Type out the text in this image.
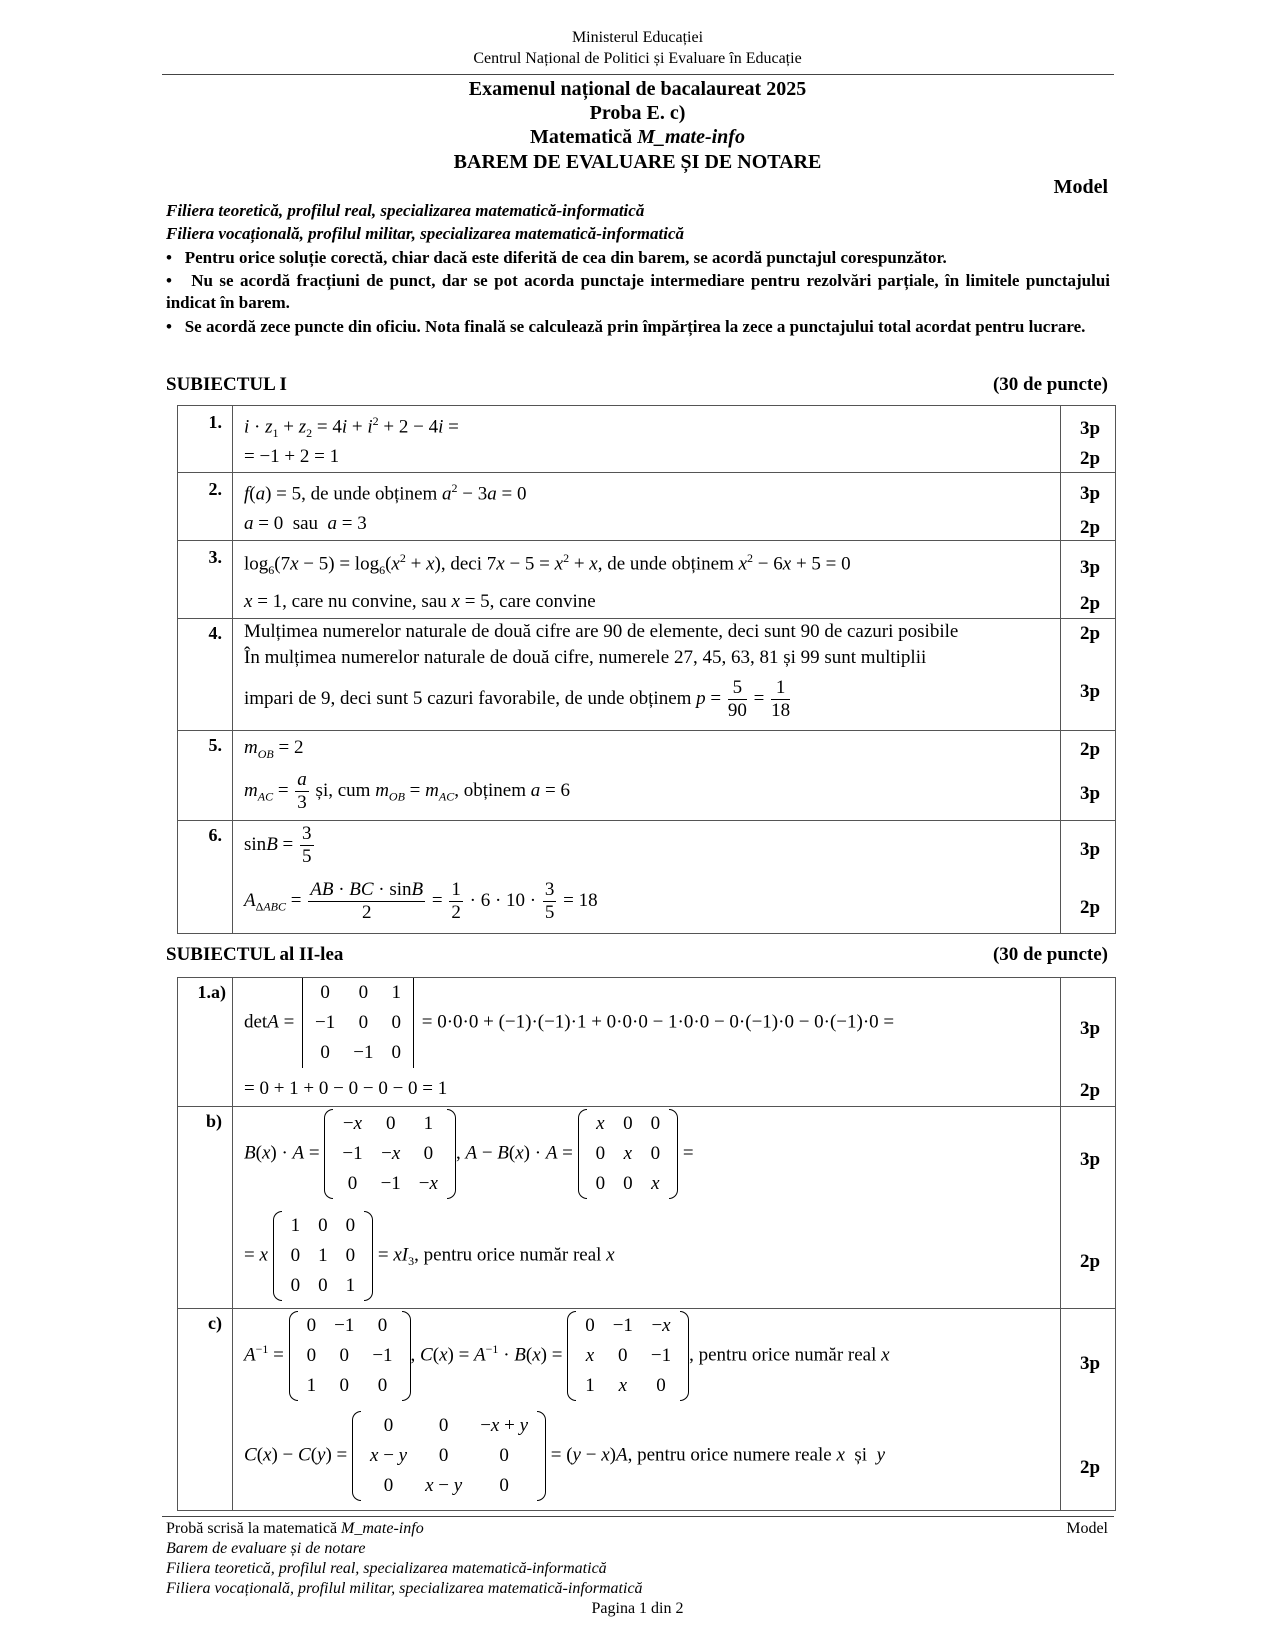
Ministerul Educației
Centrul Național de Politici și Evaluare în Educație
Examenul național de bacalaureat 2025
Proba E. c)
Matematică M_mate-info
BAREM DE EVALUARE ȘI DE NOTARE
Model
Filiera teoretică, profilul real, specializarea matematică-informatică
Filiera vocațională, profilul militar, specializarea matematică-informatică
• Pentru orice soluție corectă, chiar dacă este diferită de cea din barem, se acordă punctajul corespunzător.
• Nu se acordă fracțiuni de punct, dar se pot acorda punctaje intermediare pentru rezolvări parțiale, în limitele punctajului indicat în barem.
• Se acordă zece puncte din oficiu. Nota finală se calculează prin împărțirea la zece a punctajului total acordat pentru lucrare.
SUBIECTUL I	(30 de puncte)
1. $i \cdot z_1 + z_2 = 4i + i^2 + 2 - 4i$ =
= −1 + 2 = 1
3p
2p
2. f(a) = 5, de unde obținem $a^2 - 3a = 0$
a = 0  sau a = 3
3p
2p
3. $\log_6(7x - 5) = \log_6(x^2 + x)$, deci $7x - 5 = x^2 + x$, de unde obținem $x^2 - 6x + 5 = 0$
x = 1, care nu convine, sau x = 5, care convine
3p
2p
4. Mulțimea numerelor naturale de două cifre are 90 de elemente, deci sunt 90 de cazuri posibile
În mulțimea numerelor naturale de două cifre, numerele 27, 45, 63, 81 și 99 sunt multiplii
impari de 9, deci sunt 5 cazuri favorabile, de unde obținem $p = \frac{5}{90} = \frac{1}{18}$
2p
3p
5. $m_{OB} = 2$
$m_{AC} = \frac{a}{3}$ și, cum $m_{OB} = m_{AC}$, obținem a = 6
2p
3p
6. $\sin B = \frac{3}{5}$
$A_{\Delta ABC} = \frac{AB \cdot BC \cdot \sin B}{2} = \frac{1}{2} \cdot 6 \cdot 10 \cdot \frac{3}{5} = 18$
3p
2p
SUBIECTUL al II-lea	(30 de puncte)
1.a)
detA =
0	0	1
−1	0	0
0	−1	0
= 0·0·0 + (−1)·(−1)·1 + 0·0·0 − 1·0·0 − 0·(−1)·0 − 0·(−1)·0 =
= 0 + 1 + 0 − 0 − 0 − 0 = 1
3p
2p
b)
B(x) · A =
−x	0	1
−1	−x	0
0	−1	−x
, A − B(x) · A =
x	0	0
0	x	0
0	0	x
=
= x
1	0	0
0	1	0
0	0	1
= $xI_3$, pentru orice număr real x
3p
2p
c)
$A^{-1}$ =
0	−1	0
0	0	−1
1	0	0
, $C(x) = A^{-1} \cdot B(x)$ =
0	−1	−x
x	0	−1
1	x	0
, pentru orice număr real x
C(x) − C(y) =
0	0	−x + y
x − y	0	0
0	x − y	0
= (y − x)A, pentru orice numere reale x și y
3p
2p
Probă scrisă la matematică M_mate-info	Model
Barem de evaluare și de notare
Filiera teoretică, profilul real, specializarea matematică-informatică
Filiera vocațională, profilul militar, specializarea matematică-informatică
Pagina 1 din 2
